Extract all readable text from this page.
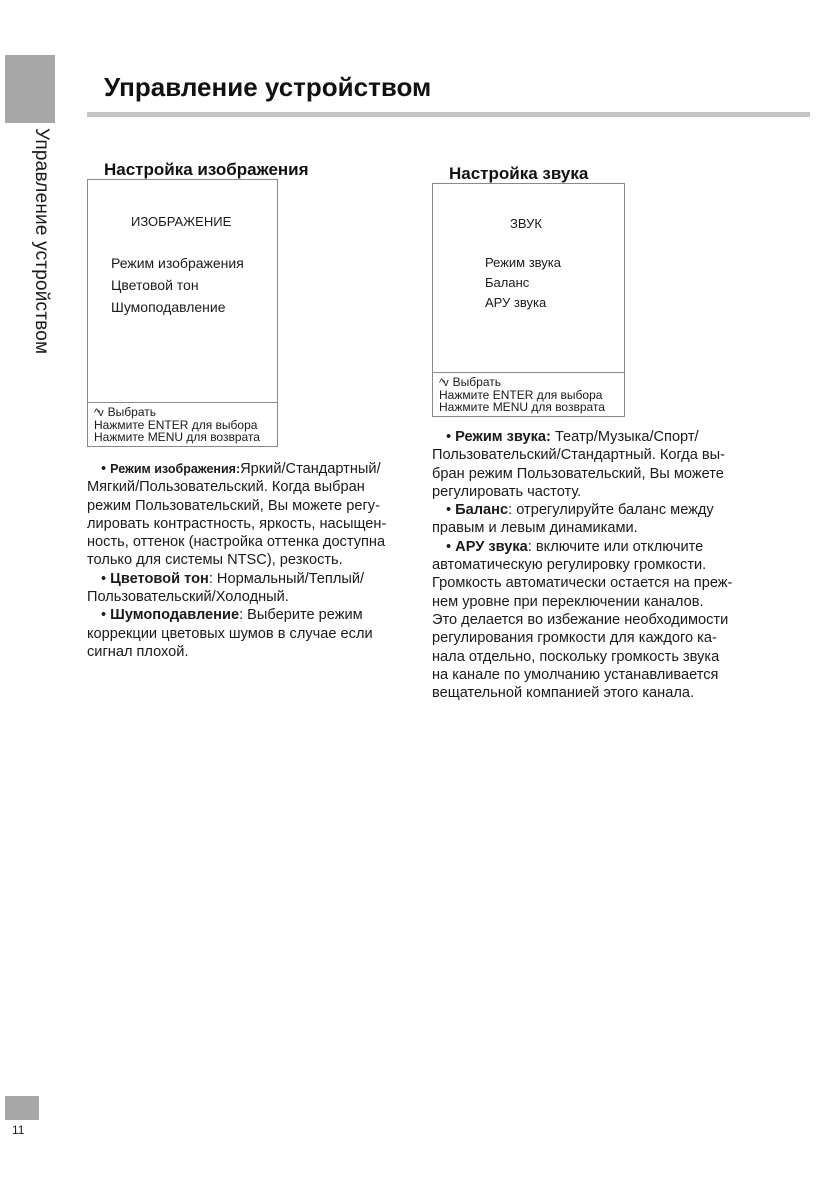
Управление устройством
Управление устройством
Настройка изображения
ИЗОБРАЖЕНИЕ
Режим изображения
Цветовой тон
Шумоподавление
^v Выбрать
Нажмите ENTER для выбора
Нажмите MENU для возврата

• Режим изображения:Яркий/Стандартный/

Мягкий/Пользовательский. Когда выбран

режим Пользовательский, Вы можете регу-

лировать контрастность, яркость, насыщен-

ность, оттенок (настройка оттенка доступна

только для системы NTSC), резкость.

• Цветовой тон: Нормальный/Теплый/

Пользовательский/Холодный.

• Шумоподавление: Выберите режим

коррекции цветовых шумов в случае если

сигнал плохой.

Настройка звука
ЗВУК
Режим звука
Баланс
АРУ звука
^v Выбрать
Нажмите ENTER для выбора
Нажмите MENU для возврата

• Режим звука: Театр/Музыка/Спорт/

Пользовательский/Стандартный. Когда вы-

бран режим Пользовательский, Вы можете

регулировать частоту.

• Баланс: отрегулируйте баланс между

правым и левым динамиками.

• АРУ звука: включите или отключите

автоматическую регулировку громкости.

Громкость автоматически остается на преж-

нем уровне при переключении каналов.

Это делается во избежание необходимости

регулирования громкости для каждого ка-

нала отдельно, поскольку громкость звука

на канале по умолчанию устанавливается

вещательной компанией этого канала.

11
